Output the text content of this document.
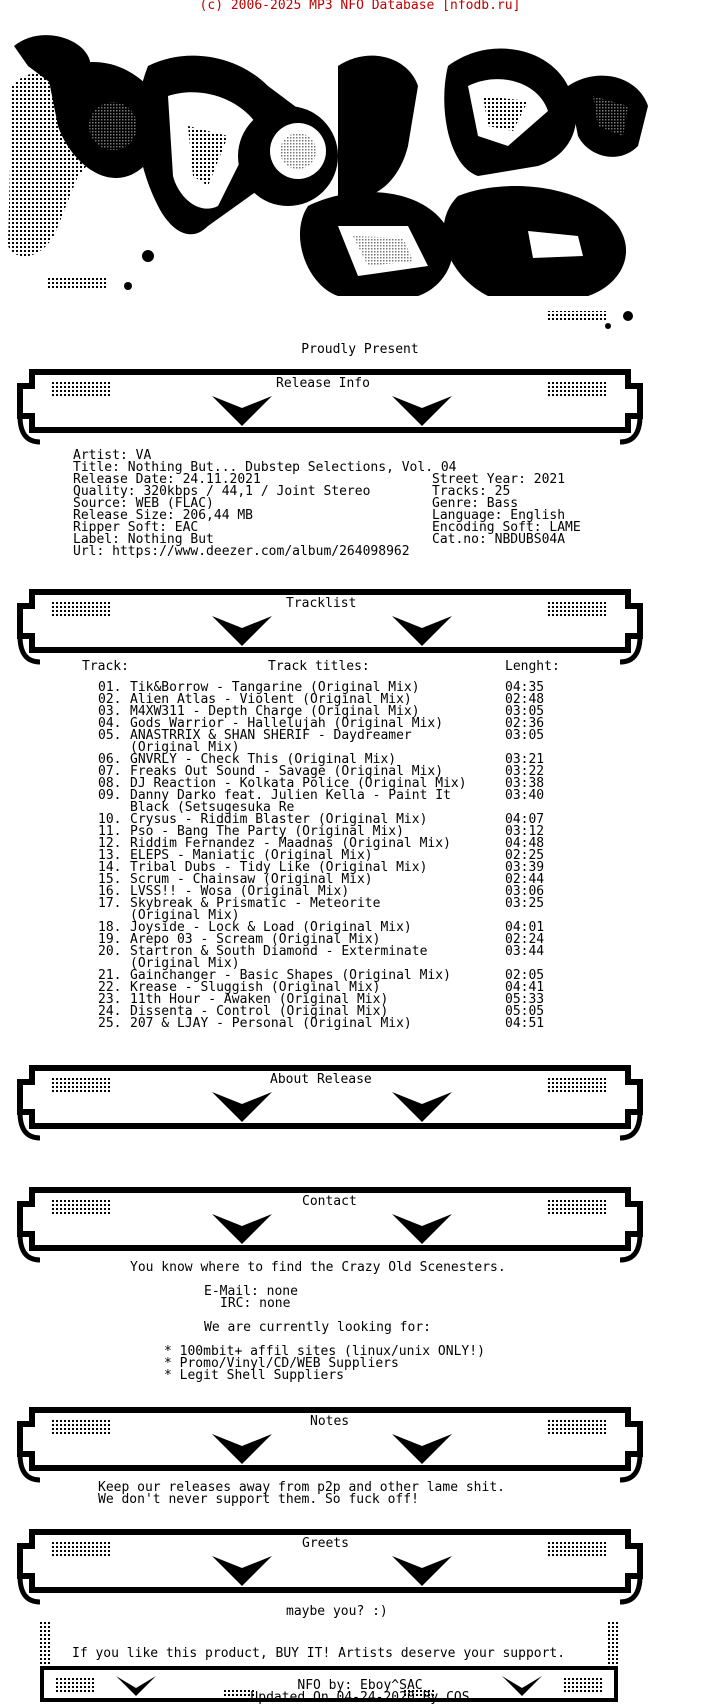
(c) 2006-2025 MP3 NFO Database [nfodb.ru]
Proudly Present
Release Info
Artist: VA
Title: Nothing But... Dubstep Selections, Vol. 04
Release Date: 24.11.2021
Quality: 320kbps / 44,1 / Joint Stereo
Source: WEB (FLAC)
Release Size: 206,44 MB
Ripper Soft: EAC
Label: Nothing But
Url: https://www.deezer.com/album/264098962
Street Year: 2021
Tracks: 25
Genre: Bass
Language: English
Encoding Soft: LAME
Cat.no: NBDUBS04A
Tracklist
Track:	Track titles:	Lenght:
01. Tik&Borrow - Tangarine (Original Mix)	04:35
02. Alien Atlas - Violent (Original Mix)	02:48
03. M4XW311 - Depth Charge (Original Mix)	03:05
04. Gods Warrior - Hallelujah (Original Mix)	02:36
05. ANASTRRIX & SHAN SHERIF - Daydreamer	03:05
(Original Mix)
06. GNVRLY - Check This (Original Mix)	03:21
07. Freaks Out Sound - Savage (Original Mix)	03:22
08. DJ Reaction - Kolkata Police (Original Mix)	03:38
09. Danny Darko feat. Julien Kella - Paint It	03:40
Black (Setsugesuka Re
10. Crysus - Riddim Blaster (Original Mix)	04:07
11. Pso - Bang The Party (Original Mix)	03:12
12. Riddim Fernandez - Maadnas (Original Mix)	04:48
13. ELEPS - Maniatic (Original Mix)	02:25
14. Tribal Dubs - Tidy Like (Original Mix)	03:39
15. Scrum - Chainsaw (Original Mix)	02:44
16. LVSS!! - Wosa (Original Mix)	03:06
17. Skybreak & Prismatic - Meteorite	03:25
(Original Mix)
18. Joyside - Lock & Load (Original Mix)	04:01
19. Arepo 03 - Scream (Original Mix)	02:24
20. Startron & South Diamond - Exterminate	03:44
(Original Mix)
21. Gainchanger - Basic Shapes (Original Mix)	02:05
22. Krease - Sluggish (Original Mix)	04:41
23. 11th Hour - Awaken (Original Mix)	05:33
24. Dissenta - Control (Original Mix)	05:05
25. 207 & LJAY - Personal (Original Mix)	04:51
About Release
Contact
You know where to find the Crazy Old Scenesters.
E-Mail: none
IRC: none
We are currently looking for:
* 100mbit+ affil sites (linux/unix ONLY!)
* Promo/Vinyl/CD/WEB Suppliers
* Legit Shell Suppliers
Notes
Keep our releases away from p2p and other lame shit.
We don't never support them. So fuck off!
Greets
maybe you? :)
If you like this product, BUY IT! Artists deserve your support.
NFO by: Eboy^SAC
Updated On 04-24-2020 By COS
